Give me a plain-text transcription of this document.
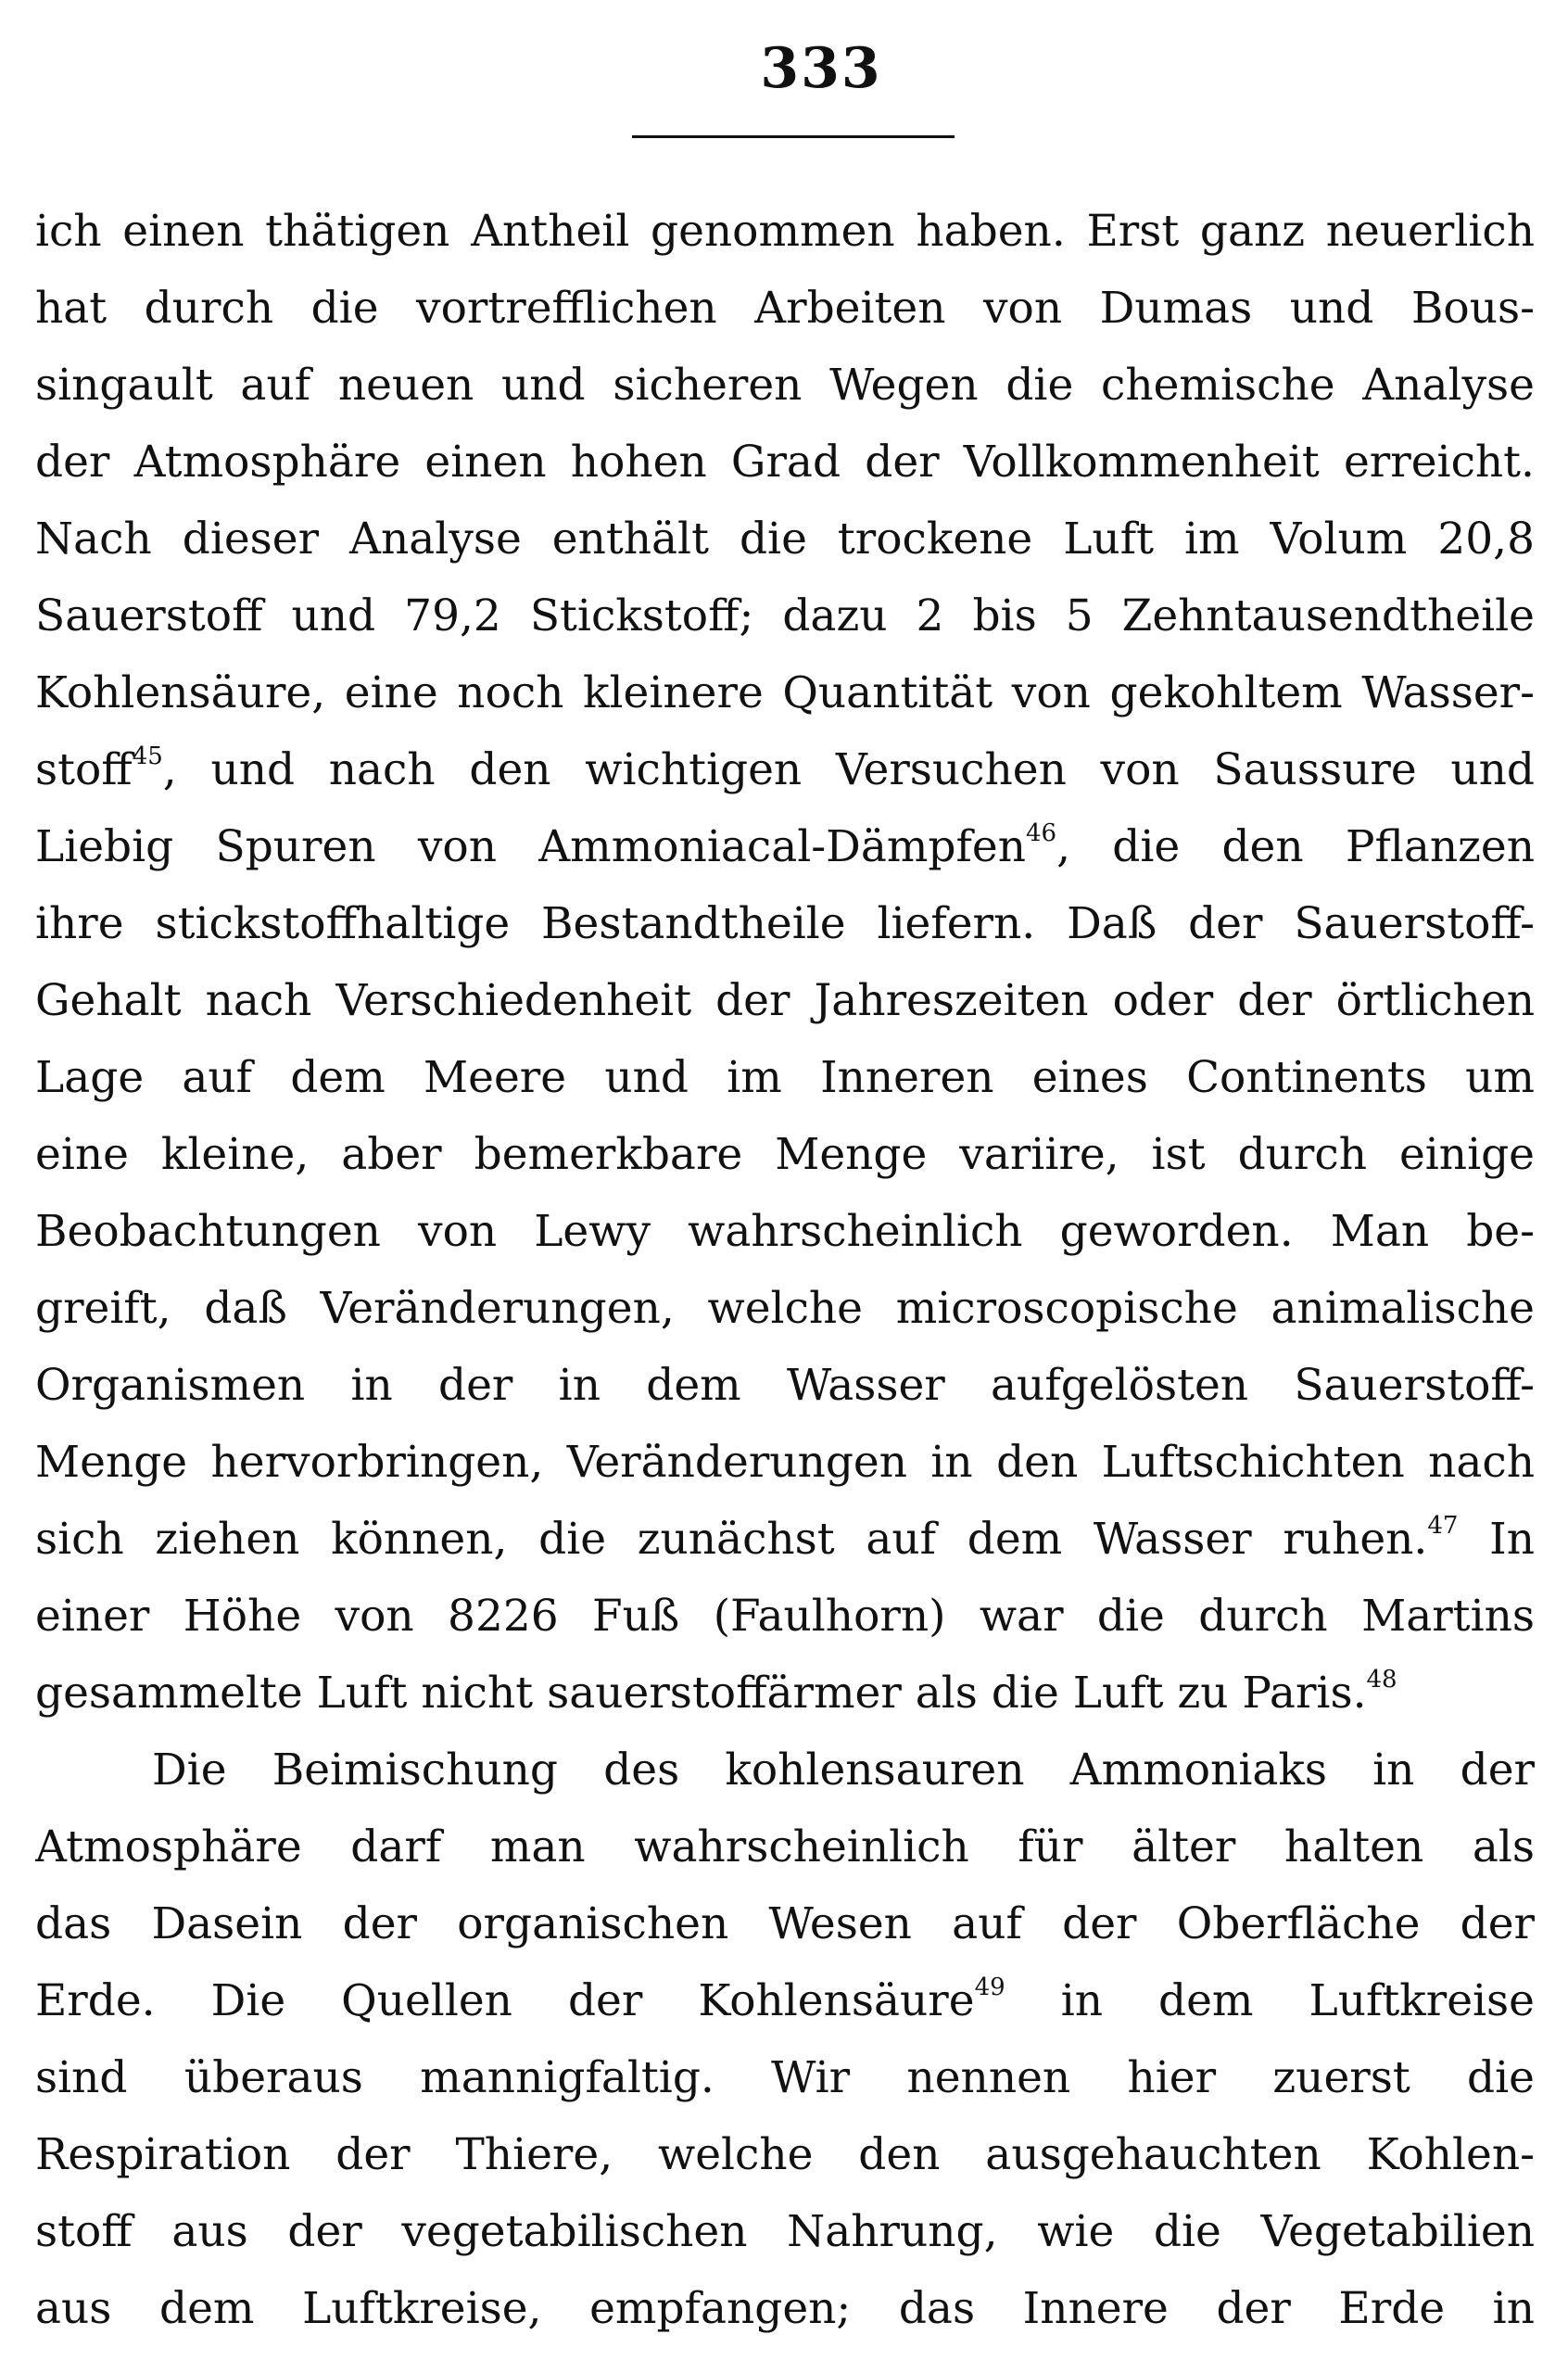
333
ich einen thätigen Antheil genommen haben. Erst ganz neuerlich
hat durch die vortrefflichen Arbeiten von Dumas und Bous-
singault auf neuen und sicheren Wegen die chemische Analyse
der Atmosphäre einen hohen Grad der Vollkommenheit erreicht.
Nach dieser Analyse enthält die trockene Luft im Volum 20,8
Sauerstoff und 79,2 Stickstoff; dazu 2 bis 5 Zehntausendtheile
Kohlensäure, eine noch kleinere Quantität von gekohltem Wasser-
stoff$^{45}$, und nach den wichtigen Versuchen von Saussure und
Liebig Spuren von Ammoniacal-Dämpfen$^{46}$, die den Pflanzen
ihre stickstoffhaltige Bestandtheile liefern. Daß der Sauerstoff-
Gehalt nach Verschiedenheit der Jahreszeiten oder der örtlichen
Lage auf dem Meere und im Inneren eines Continents um
eine kleine, aber bemerkbare Menge variire, ist durch einige
Beobachtungen von Lewy wahrscheinlich geworden. Man be-
greift, daß Veränderungen, welche microscopische animalische
Organismen in der in dem Wasser aufgelösten Sauerstoff-
Menge hervorbringen, Veränderungen in den Luftschichten nach
sich ziehen können, die zunächst auf dem Wasser ruhen.$^{47}$ In
einer Höhe von 8226 Fuß (Faulhorn) war die durch Martins
gesammelte Luft nicht sauerstoffärmer als die Luft zu Paris.$^{48}$
Die Beimischung des kohlensauren Ammoniaks in der
Atmosphäre darf man wahrscheinlich für älter halten als
das Dasein der organischen Wesen auf der Oberfläche der
Erde. Die Quellen der Kohlensäure$^{49}$ in dem Luftkreise
sind überaus mannigfaltig. Wir nennen hier zuerst die
Respiration der Thiere, welche den ausgehauchten Kohlen-
stoff aus der vegetabilischen Nahrung, wie die Vegetabilien
aus dem Luftkreise, empfangen; das Innere der Erde in
